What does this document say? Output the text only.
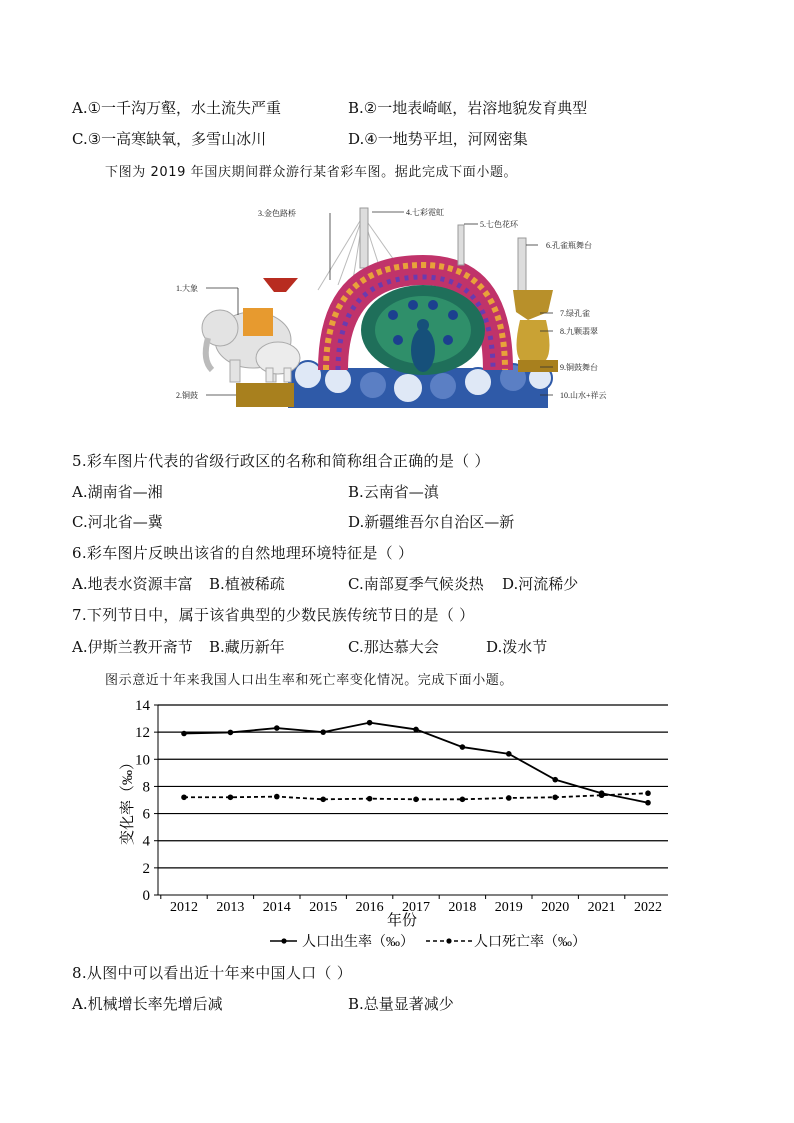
A.①一千沟万壑，水土流失严重	B.②一地表崎岖，岩溶地貌发育典型
C.③一高寒缺氧，多雪山冰川	D.④一地势平坦，河网密集
下图为 2019 年国庆期间群众游行某省彩车图。据此完成下面小题。
1.大象
2.铜鼓
3.金色路桥	4.七彩霓虹
5.七色花环
6.孔雀瓶舞台
7.绿孔雀
8.九颗翡翠
9.铜鼓舞台
10.山水+祥云
5.彩车图片代表的省级行政区的名称和简称组合正确的是（ ）
A.湖南省—湘	B.云南省—滇
C.河北省—冀	D.新疆维吾尔自治区—新
6.彩车图片反映出该省的自然地理环境特征是（ ）
A.地表水资源丰富 B.植被稀疏	C.南部夏季气候炎热 D.河流稀少
7.下列节日中，属于该省典型的少数民族传统节日的是（ ）
A.伊斯兰教开斋节 B.藏历新年	C.那达慕大会	D.泼水节
图示意近十年来我国人口出生率和死亡率变化情况。完成下面小题。
0
2
4
6
8
10
12
14
2012 2013 2014 2015 2016 2017 2018 2019 2020 2021 2022
年份
变化率（‰）
人口出生率（‰）	人口死亡率（‰）
8.从图中可以看出近十年来中国人口（ ）
A.机械增长率先增后减	B.总量显著减少
